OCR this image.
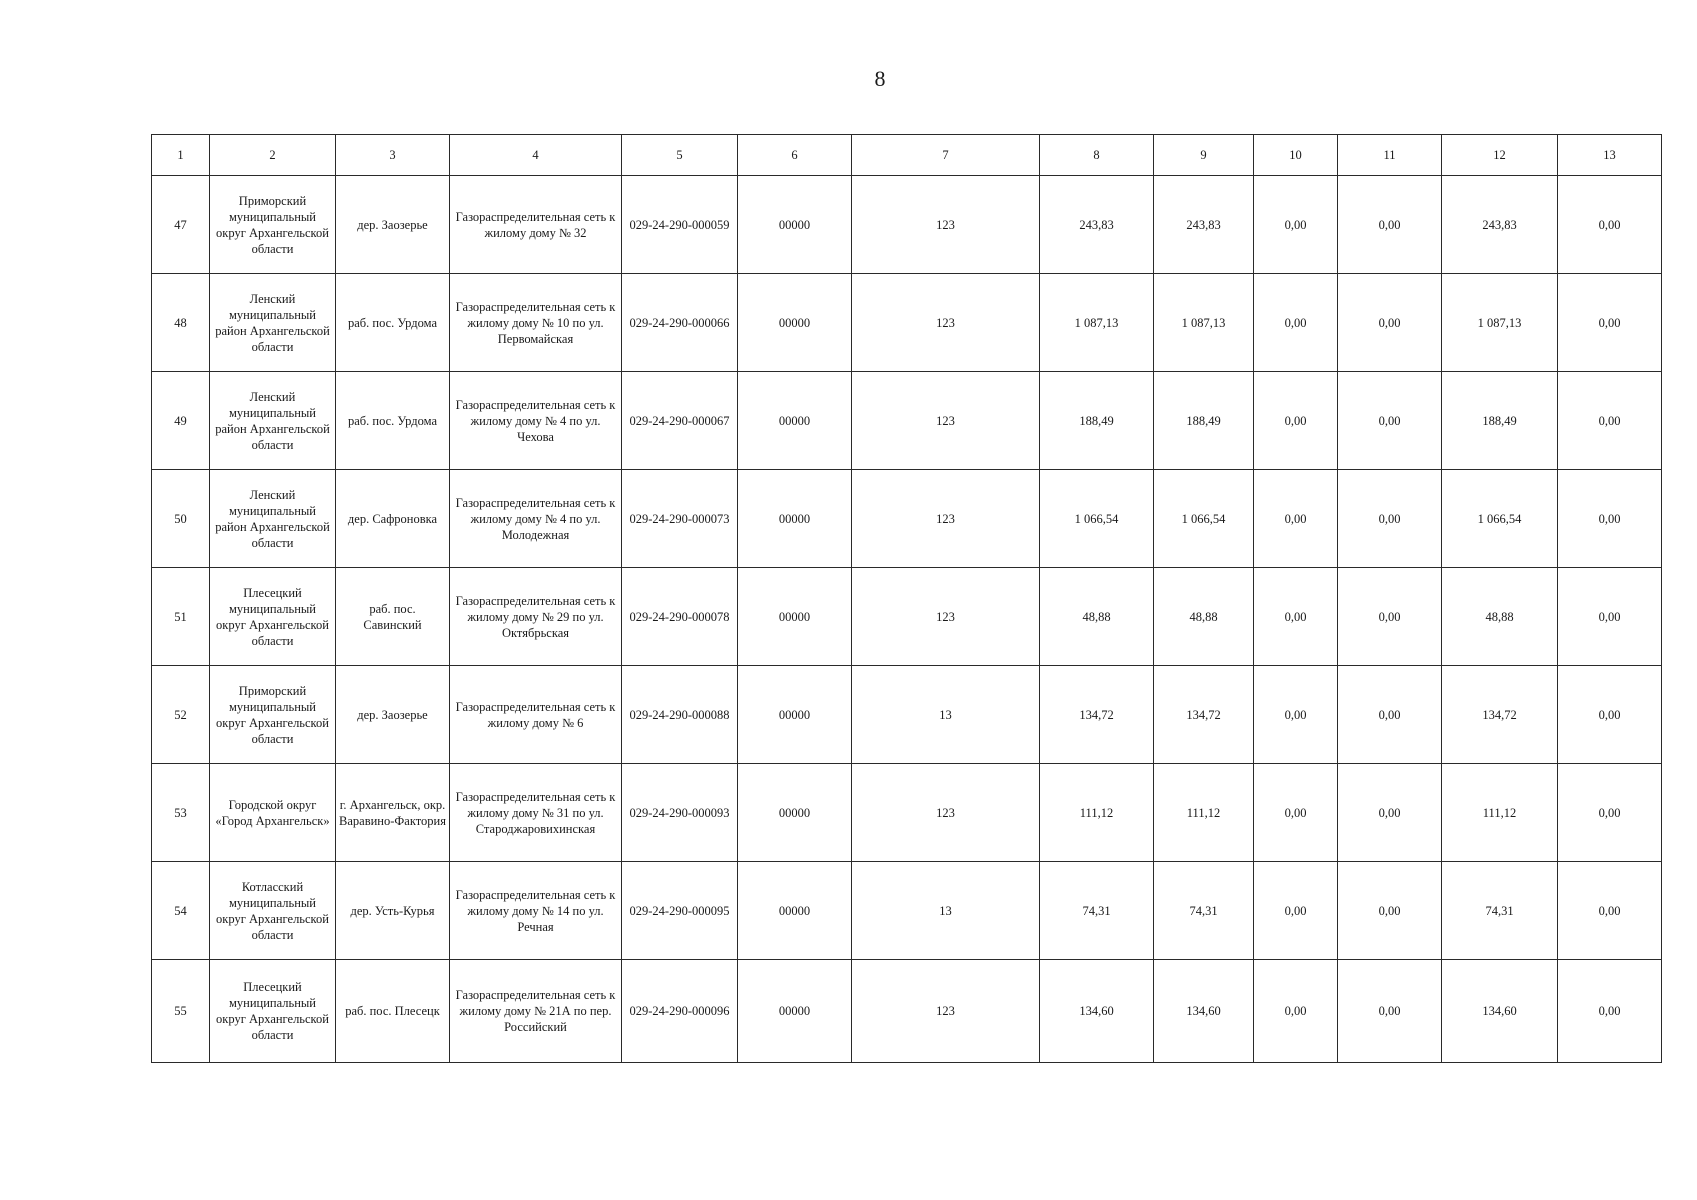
8
1	2	3	4	5	6	7	8	9	10	11	12	13
47	Приморский муниципальный округ Архангельской области	дер. Заозерье	Газораспределительная сеть к жилому дому № 32	029-24-290-000059	00000	123	243,83	243,83	0,00	0,00	243,83	0,00
48	Ленский муниципальный район Архангельской области	раб. пос. Урдома	Газораспределительная сеть к жилому дому № 10 по ул. Первомайская	029-24-290-000066	00000	123	1 087,13	1 087,13	0,00	0,00	1 087,13	0,00
49	Ленский муниципальный район Архангельской области	раб. пос. Урдома	Газораспределительная сеть к жилому дому № 4 по ул. Чехова	029-24-290-000067	00000	123	188,49	188,49	0,00	0,00	188,49	0,00
50	Ленский муниципальный район Архангельской области	дер. Сафроновка	Газораспределительная сеть к жилому дому № 4 по ул. Молодежная	029-24-290-000073	00000	123	1 066,54	1 066,54	0,00	0,00	1 066,54	0,00
51	Плесецкий муниципальный округ Архангельской области	раб. пос. Савинский	Газораспределительная сеть к жилому дому № 29 по ул. Октябрьская	029-24-290-000078	00000	123	48,88	48,88	0,00	0,00	48,88	0,00
52	Приморский муниципальный округ Архангельской области	дер. Заозерье	Газораспределительная сеть к жилому дому № 6	029-24-290-000088	00000	13	134,72	134,72	0,00	0,00	134,72	0,00
53	Городской округ «Город Архангельск»	г. Архангельск, окр. Варавино-Фактория	Газораспределительная сеть к жилому дому № 31 по ул. Староджаровихинская	029-24-290-000093	00000	123	111,12	111,12	0,00	0,00	111,12	0,00
54	Котласский муниципальный округ Архангельской области	дер. Усть-Курья	Газораспределительная сеть к жилому дому № 14 по ул. Речная	029-24-290-000095	00000	13	74,31	74,31	0,00	0,00	74,31	0,00
55	Плесецкий муниципальный округ Архангельской области	раб. пос. Плесецк	Газораспределительная сеть к жилому дому № 21А по пер. Российский	029-24-290-000096	00000	123	134,60	134,60	0,00	0,00	134,60	0,00
